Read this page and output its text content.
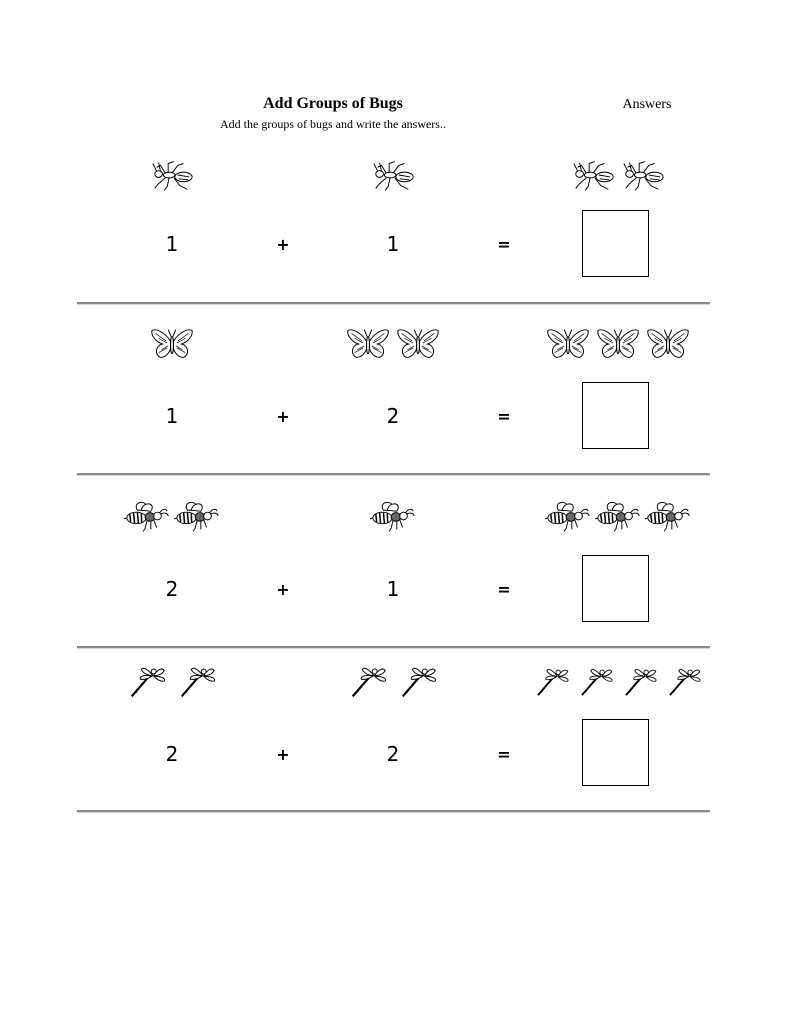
Add Groups of Bugs
Add the groups of bugs and write the answers..
Answers
1	+	1	=
1	+	2	=
2	+	1	=
2	+	2	=
